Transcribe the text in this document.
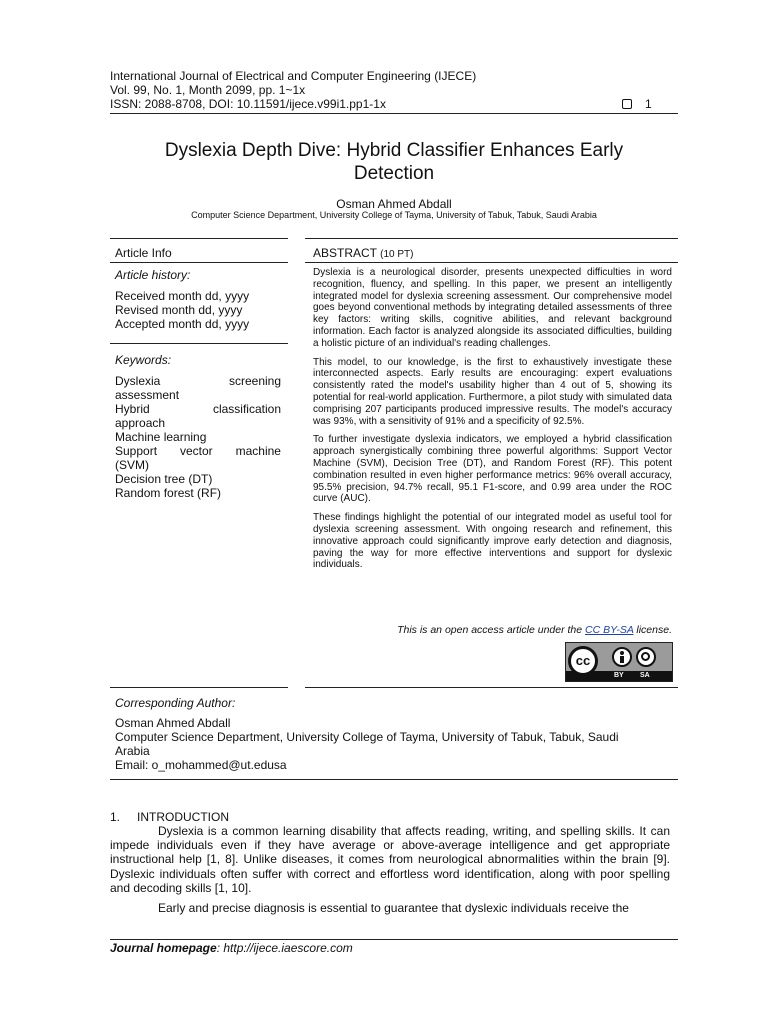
International Journal of Electrical and Computer Engineering (IJECE)
Vol. 99, No. 1, Month 2099, pp. 1~1x
ISSN: 2088-8708, DOI: 10.11591/ijece.v99i1.pp1-1x	1
Dyslexia Depth Dive: Hybrid Classifier Enhances Early
Detection
Osman Ahmed Abdall
Computer Science Department, University College of Tayma, University of Tabuk, Tabuk, Saudi Arabia
Article Info
Article history:
Received month dd, yyyy
Revised month dd, yyyy
Accepted month dd, yyyy
Keywords:
Dyslexia	screening
assessment
Hybrid	classification
approach
Machine learning
Support vector machine
(SVM)
Decision tree (DT)
Random forest (RF)
ABSTRACT (10 PT)

Dyslexia is a neurological disorder, presents unexpected difficulties in word recognition, fluency, and spelling. In this paper, we present an intelligently integrated model for dyslexia screening assessment. Our comprehensive model goes beyond conventional methods by integrating detailed assessments of three key factors: writing skills, cognitive abilities, and relevant background information. Each factor is analyzed alongside its associated difficulties, building a holistic picture of an individual's reading challenges.

This model, to our knowledge, is the first to exhaustively investigate these interconnected aspects. Early results are encouraging: expert evaluations consistently rated the model's usability higher than 4 out of 5, showing its potential for real-world application. Furthermore, a pilot study with simulated data comprising 207 participants produced impressive results. The model's accuracy was 93%, with a sensitivity of 91% and a specificity of 92.5%.

To further investigate dyslexia indicators, we employed a hybrid classification approach synergistically combining three powerful algorithms: Support Vector Machine (SVM), Decision Tree (DT), and Random Forest (RF). This potent combination resulted in even higher performance metrics: 96% overall accuracy, 95.5% precision, 94.7% recall, 95.1 F1-score, and 0.99 area under the ROC curve (AUC).

These findings highlight the potential of our integrated model as useful tool for dyslexia screening assessment. With ongoing research and refinement, this innovative approach could significantly improve early detection and diagnosis, paving the way for more effective interventions and support for dyslexic individuals.

This is an open access article under the CC BY-SA license.
cc
BY SA
Corresponding Author:
Osman Ahmed Abdall
Computer Science Department, University College of Tayma, University of Tabuk, Tabuk, Saudi
Arabia
Email: o_mohammed@ut.edusa
1. INTRODUCTION
Dyslexia is a common learning disability that affects reading, writing, and spelling skills. It can impede individuals even if they have average or above-average intelligence and get appropriate instructional help [1, 8]. Unlike diseases, it comes from neurological abnormalities within the brain [9]. Dyslexic individuals often suffer with correct and effortless word identification, along with poor spelling and decoding skills [1, 10].
Early and precise diagnosis is essential to guarantee that dyslexic individuals receive the
Journal homepage: http://ijece.iaescore.com
